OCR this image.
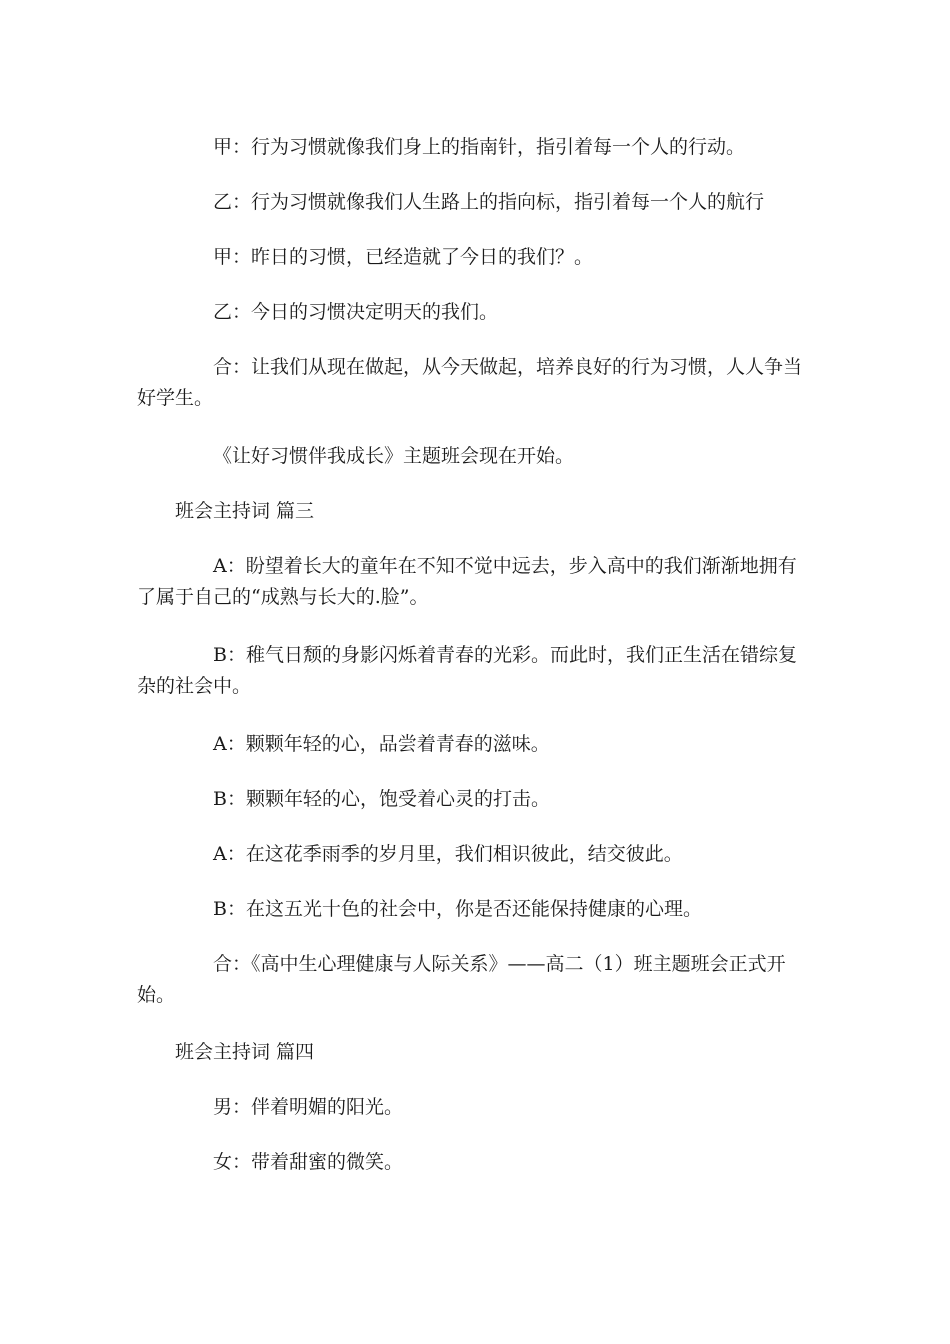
甲：行为习惯就像我们身上的指南针，指引着每一个人的行动。

乙：行为习惯就像我们人生路上的指向标，指引着每一个人的航行

甲：昨日的习惯，已经造就了今日的我们？。

乙：今日的习惯决定明天的我们。

合：让我们从现在做起，从今天做起，培养良好的行为习惯，人人争当好学生。

《让好习惯伴我成长》主题班会现在开始。

班会主持词 篇三

A：盼望着长大的童年在不知不觉中远去，步入高中的我们渐渐地拥有了属于自己的“成熟与长大的.脸”。

B：稚气日颓的身影闪烁着青春的光彩。而此时，我们正生活在错综复杂的社会中。

A：颗颗年轻的心，品尝着青春的滋味。

B：颗颗年轻的心，饱受着心灵的打击。

A：在这花季雨季的岁月里，我们相识彼此，结交彼此。

B：在这五光十色的社会中，你是否还能保持健康的心理。

合：《高中生心理健康与人际关系》——高二（1）班主题班会正式开始。

班会主持词 篇四

男：伴着明媚的阳光。

女：带着甜蜜的微笑。
